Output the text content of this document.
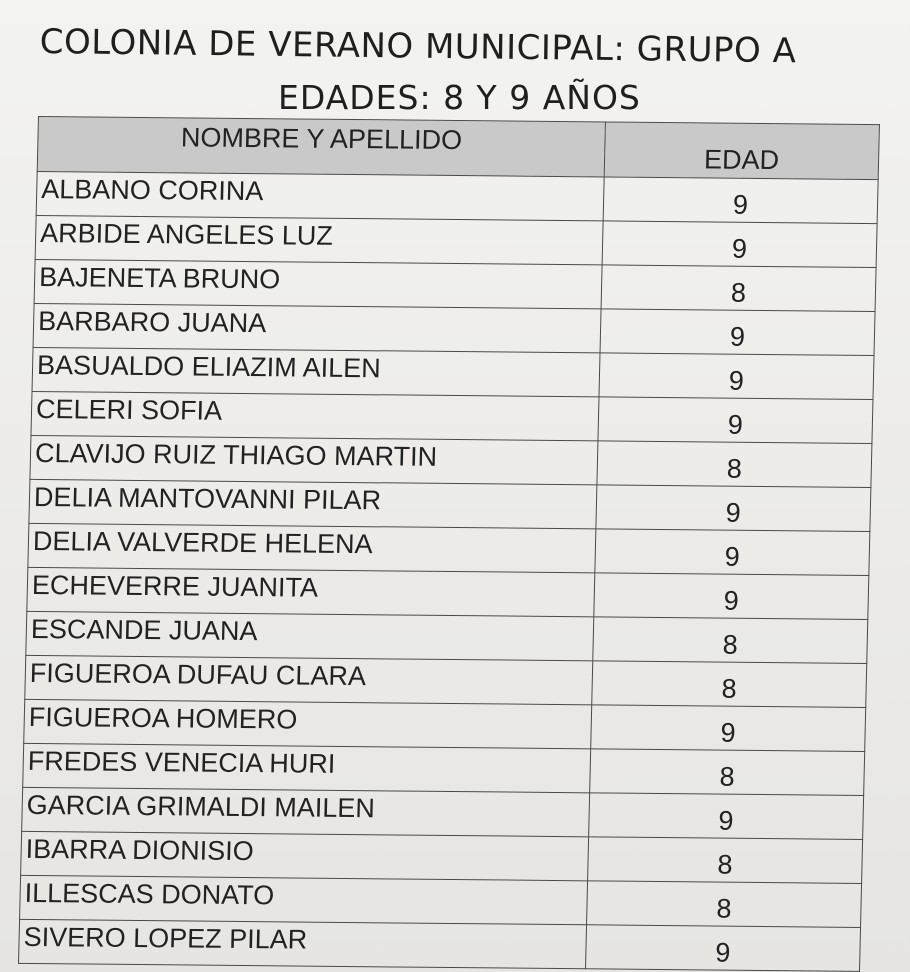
COLONIA DE VERANO MUNICIPAL: GRUPO A
EDADES: 8 Y 9 AÑOS
NOMBRE Y APELLIDO	EDAD
ALBANO CORINA	9
ARBIDE ANGELES LUZ	9
BAJENETA BRUNO	8
BARBARO JUANA	9
BASUALDO ELIAZIM AILEN	9
CELERI SOFIA	9
CLAVIJO RUIZ THIAGO MARTIN	8
DELIA MANTOVANNI PILAR	9
DELIA VALVERDE HELENA	9
ECHEVERRE JUANITA	9
ESCANDE JUANA	8
FIGUEROA DUFAU CLARA	8
FIGUEROA HOMERO	9
FREDES VENECIA HURI	8
GARCIA GRIMALDI MAILEN	9
IBARRA DIONISIO	8
ILLESCAS DONATO	8
SIVERO LOPEZ PILAR	9
